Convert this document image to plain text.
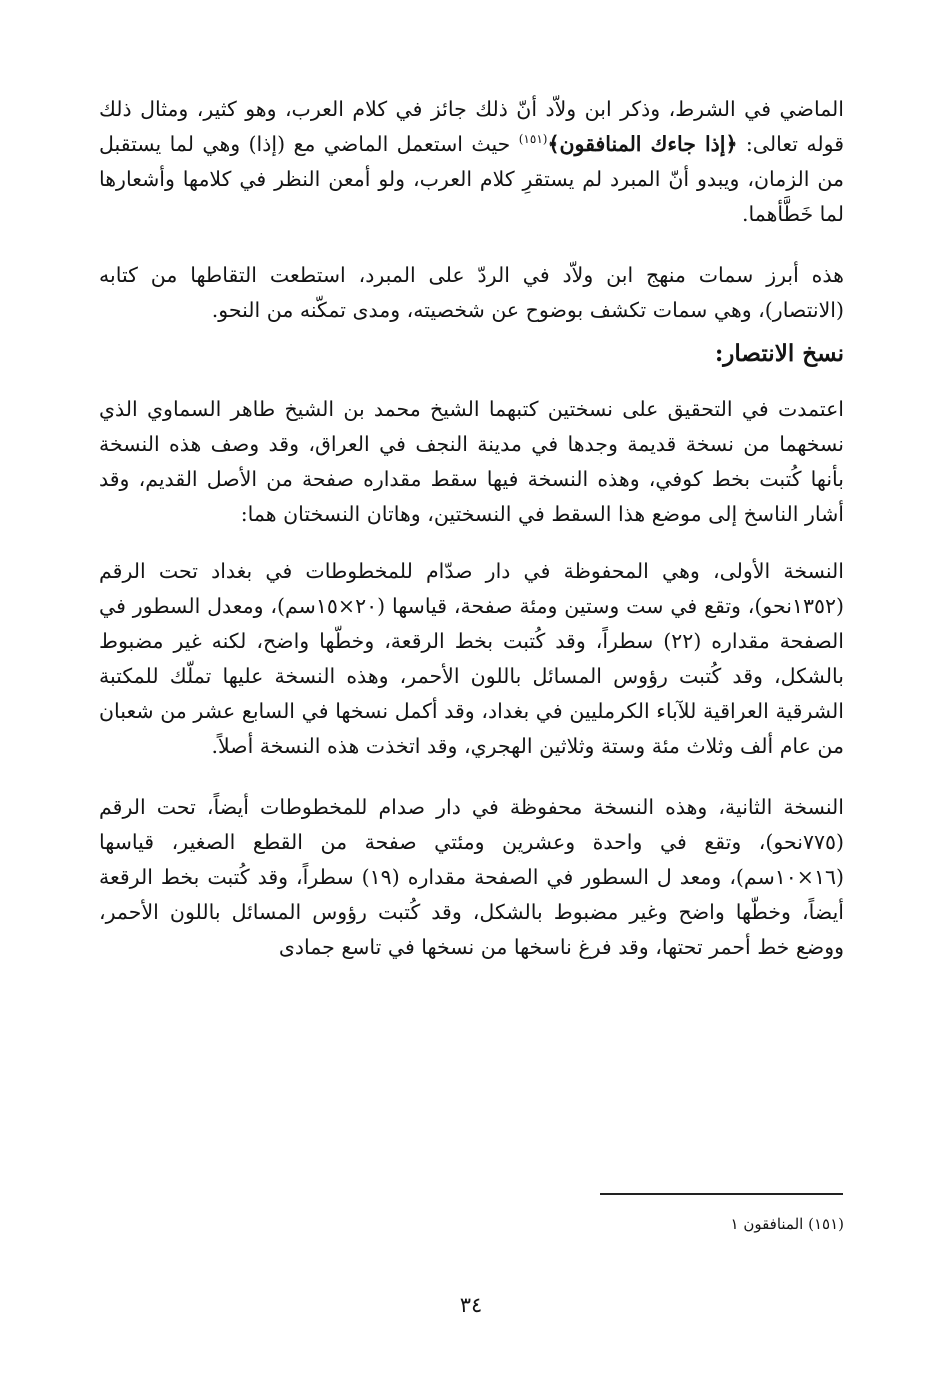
الماضي في الشرط، وذكر ابن ولاّد أنّ ذلك جائز في كلام العرب، وهو كثير، ومثال ذلك قوله تعالى: ﴿إذا جاءك المنافقون﴾$^{(١٥١)}$ حيث استعمل الماضي مع (إذا) وهي لما يستقبل من الزمان، ويبدو أنّ المبرد لم يستقرِ كلام العرب، ولو أمعن النظر في كلامها وأشعارها لما خَطَّأهما.

هذه أبرز سمات منهج ابن ولاّد في الردّ على المبرد، استطعت التقاطها من كتابه (الانتصار)، وهي سمات تكشف بوضوح عن شخصيته، ومدى تمكّنه من النحو.

نسخ الانتصار:

اعتمدت في التحقيق على نسختين كتبهما الشيخ محمد بن الشيخ طاهر السماوي الذي نسخهما من نسخة قديمة وجدها في مدينة النجف في العراق، وقد وصف هذه النسخة بأنها كُتبت بخط كوفي، وهذه النسخة فيها سقط مقداره صفحة من الأصل القديم، وقد أشار الناسخ إلى موضع هذا السقط في النسختين، وهاتان النسختان هما:

النسخة الأولى، وهي المحفوظة في دار صدّام للمخطوطات في بغداد تحت الرقم (١٣٥٢نحو)، وتقع في ست وستين ومئة صفحة، قياسها (٢٠×١٥سم)، ومعدل السطور في الصفحة مقداره (٢٢) سطراً، وقد كُتبت بخط الرقعة، وخطّها واضح، لكنه غير مضبوط بالشكل، وقد كُتبت رؤوس المسائل باللون الأحمر، وهذه النسخة عليها تملّك للمكتبة الشرقية العراقية للآباء الكرمليين في بغداد، وقد أكمل نسخها في السابع عشر من شعبان من عام ألف وثلاث مئة وستة وثلاثين الهجري، وقد اتخذت هذه النسخة أصلاً.

النسخة الثانية، وهذه النسخة محفوظة في دار صدام للمخطوطات أيضاً، تحت الرقم (٧٧٥نحو)، وتقع في واحدة وعشرين ومئتي صفحة من القطع الصغير، قياسها (١٦×١٠سم)، ومعد ل السطور في الصفحة مقداره (١٩) سطراً، وقد كُتبت بخط الرقعة أيضاً، وخطّها واضح وغير مضبوط بالشكل، وقد كُتبت رؤوس المسائل باللون الأحمر، ووضع خط أحمر تحتها، وقد فرغ ناسخها من نسخها في تاسع جمادى

(١٥١) المنافقون ١
٣٤
